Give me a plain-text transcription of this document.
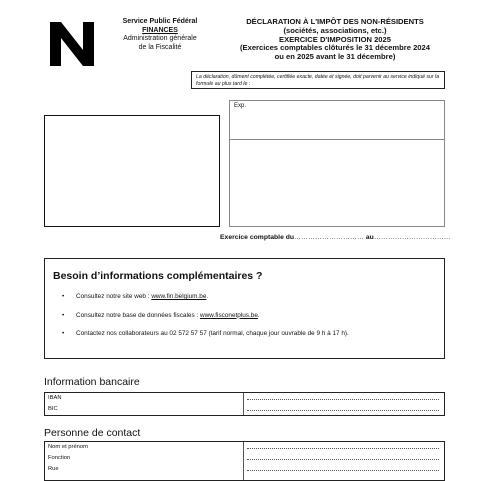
Service Public Fédéral
FINANCES
Administration générale
de la Fiscalité
DÉCLARATION À L'IMPÔT DES NON-RÉSIDENTS
(sociétés, associations, etc.)
EXERCICE D'IMPOSITION 2025
(Exercices comptables clôturés le 31 décembre 2024
ou en 2025 avant le 31 décembre)
La déclaration, dûment complétée, certifiée exacte, datée et signée, doit parvenir au service indiqué sur la formule au plus tard le :
Exp.
Exercice comptable du………………………… au……………………………
Besoin d’informations complémentaires ?
• Consultez notre site web : www.fin.belgium.be.
• Consultez notre base de données fiscales : www.fisconetplus.be.
• Contactez nos collaborateurs au 02 572 57 57 (tarif normal, chaque jour ouvrable de 9 h à 17 h).
Information bancaire
IBAN
BIC
Personne de contact
Nom et prénom
Fonction
Rue
